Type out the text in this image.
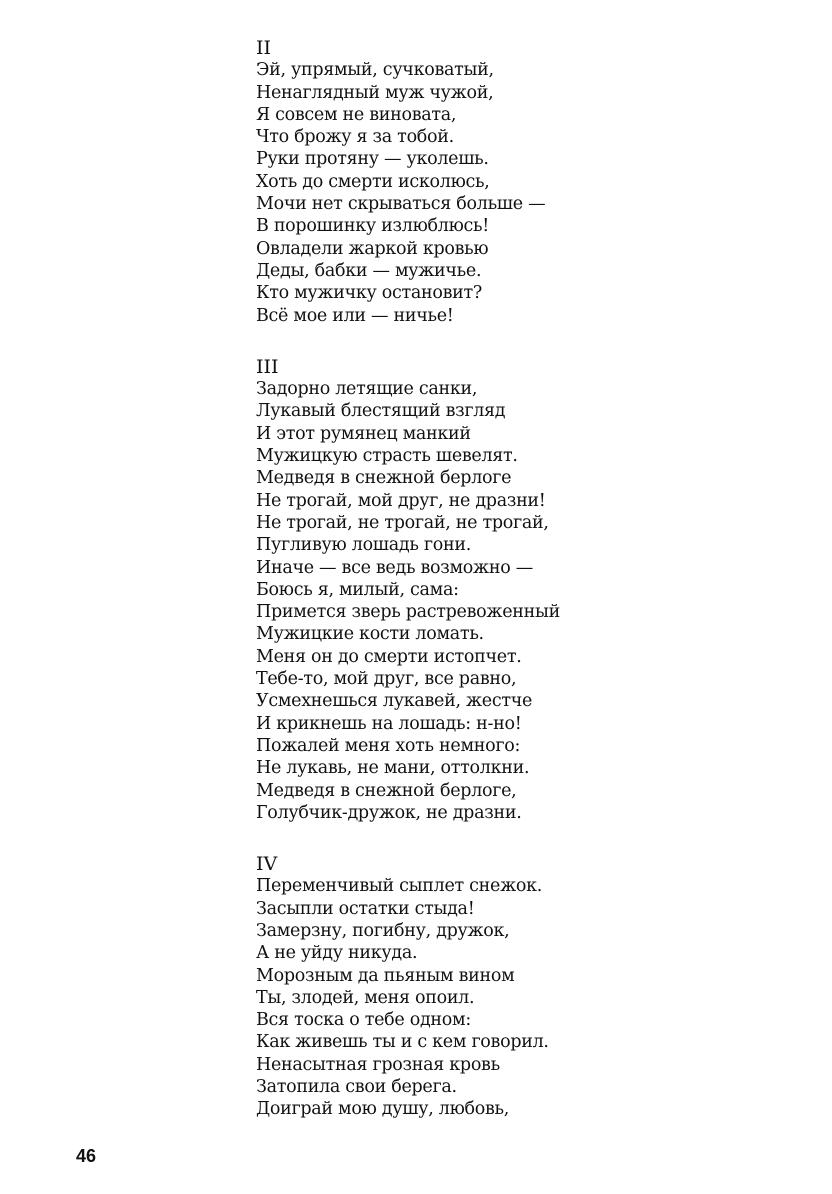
II
Эй, упрямый, сучковатый,
Ненаглядный муж чужой,
Я совсем не виновата,
Что брожу я за тобой.
Руки протяну — уколешь.
Хоть до смерти исколюсь,
Мочи нет скрываться больше —
В порошинку излюблюсь!
Овладели жаркой кровью
Деды, бабки — мужичье.
Кто мужичку остановит?
Всё мое или — ничье!
III
Задорно летящие санки,
Лукавый блестящий взгляд
И этот румянец манкий
Мужицкую страсть шевелят.
Медведя в снежной берлоге
Не трогай, мой друг, не дразни!
Не трогай, не трогай, не трогай,
Пугливую лошадь гони.
Иначе — все ведь возможно —
Боюсь я, милый, сама:
Примется зверь растревоженный
Мужицкие кости ломать.
Меня он до смерти истопчет.
Тебе-то, мой друг, все равно,
Усмехнешься лукавей, жестче
И крикнешь на лошадь: н-но!
Пожалей меня хоть немного:
Не лукавь, не мани, оттолкни.
Медведя в снежной берлоге,
Голубчик-дружок, не дразни.
IV
Переменчивый сыплет снежок.
Засыпли остатки стыда!
Замерзну, погибну, дружок,
А не уйду никуда.
Морозным да пьяным вином
Ты, злодей, меня опоил.
Вся тоска о тебе одном:
Как живешь ты и с кем говорил.
Ненасытная грозная кровь
Затопила свои берега.
Доиграй мою душу, любовь,
46
